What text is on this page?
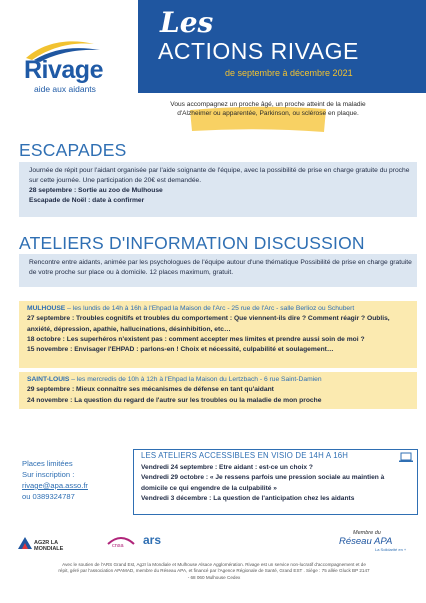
Rivage
aide aux aidants
Les
ACTIONS RIVAGE
de septembre à décembre 2021
Vous accompagnez un proche âgé, un proche atteint de la maladie d'Alzheimer ou apparentée, Parkinson, ou sclérose en plaque.
ESCAPADES
Journée de répit pour l'aidant organisée par l'aide soignante de l'équipe, avec la possibilité de prise en charge gratuite du proche sur cette journée. Une participation de 20€ est demandée.
28 septembre : Sortie au zoo de Mulhouse
Escapade de Noël : date à confirmer
ATELIERS D'INFORMATION DISCUSSION
Rencontre entre aidants, animée par les psychologues de l'équipe autour d'une thématique Possibilité de prise en charge gratuite de votre proche sur place ou à domicile. 12 places maximum, gratuit.
MULHOUSE – les lundis de 14h à 16h à l'Ehpad la Maison de l'Arc - 25 rue de l'Arc - salle Berlioz ou Schubert
27 septembre : Troubles cognitifs et troubles du comportement : Que viennent-ils dire ? Comment réagir ? Oublis, anxiété, dépression, apathie, hallucinations, désinhibition, etc…
18 octobre : Les superhéros n'existent pas : comment accepter mes limites et prendre aussi soin de moi ?
15 novembre : Envisager l'EHPAD : parlons-en ! Choix et nécessité, culpabilité et soulagement…
SAINT-LOUIS – les mercredis de 10h à 12h à l'Ehpad la Maison du Lertzbach - 6 rue Saint-Damien
29 septembre : Mieux connaître ses mécanismes de défense en tant qu'aidant
24 novembre : La question du regard de l'autre sur les troubles ou la maladie de mon proche
Places limitées
Sur inscription :
rivage@apa.asso.fr
ou 0389324787
LES ATELIERS ACCESSIBLES EN VISIO DE 14H A 16H
Vendredi 24 septembre : Etre aidant : est-ce un choix ?
Vendredi 29 octobre : « Je ressens parfois une pression sociale au maintien à domicile ce qui engendre de la culpabilité »
Vendredi 3 décembre : La question de l'anticipation chez les aidants
AG2R LA MONDIALE	cnsa ars	Membre du
Réseau APA
La Solidarité en +
Avec le soutien de l'ARS Grand Est, Ag2r la Mondiale et Mulhouse Alsace Agglomération. Rivage est un service non-lucratif d'accompagnement et de répit, géré par l'association APAMAD, membre du Réseau APA, et financé par l'Agence Régionale de Santé, Grand EST . Siège : 75 allée Gluck BP 2147 - 68 060 Mulhouse Cedex
